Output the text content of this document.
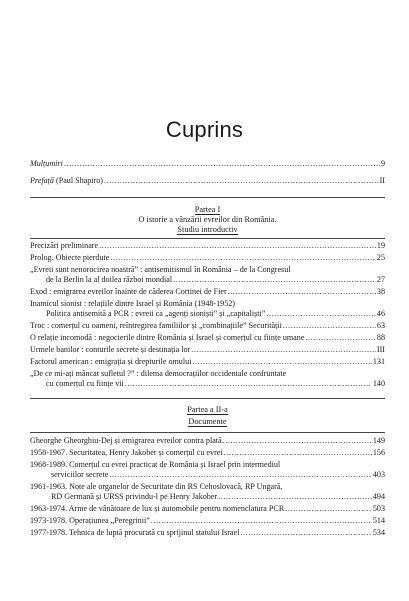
Cuprins
Mulțumiri .....	9
Prefață (Paul Shapiro) .....	II
Partea I
O istorie a vânzării evreilor din România.
Studiu introductiv
Precizări preliminare .....	19
Prolog. Obiecte pierdute .....	25
„Evreii sunt nenorocirea noastră” : antisemitismul în România – de la Congresul
de la Berlin la al doilea război mondial .....	27
Exod : emigrarea evreilor înainte de căderea Cortinei de Fier .....	38
Inamicul sionist : relațiile dintre Israel și România (1948-1952)
Politica antisemită a PCR : evreii ca „agenți sioniști” și „capitaliști” .....	46
Troc : comerțul cu oameni, reîntregirea familiilor și „combinațiile” Securității .....	63
O relație incomodă : negocierile dintre România și Israel și comerțul cu ființe umane .....	88
Urmele banilor : conturile secrete și destinația lor .....	III
Factorul american : emigrația și drepturile omului .....	131
„De ce mi-ați mâncat sufletul ?” : dilema democrațiilor occidentale confruntate
cu comerțul cu ființe vii .....	140
Partea a II-a
Documente
Gheorghe Gheorghiu-Dej și emigrarea evreilor contra plată .....	149
1958-1967. Securitatea, Henry Jakober și comerțul cu evrei .....	156
1968-1989. Comerțul cu evrei practicat de România și Israel prin intermediul
serviciilor secrete .....	403
1961-1963. Note ale organelor de Securitate din RS Cehoslovacă, RP Ungară,
RD Germană și URSS privindu-l pe Henry Jakober .....	494
1963-1974. Arme de vânătoare de lux și automobile pentru nomenclatura PCR .....	503
1973-1978. Operațiunea „Peregrinii” .....	514
1977-1978. Tehnica de luptă procurată cu sprijinul statului Israel .....	534
